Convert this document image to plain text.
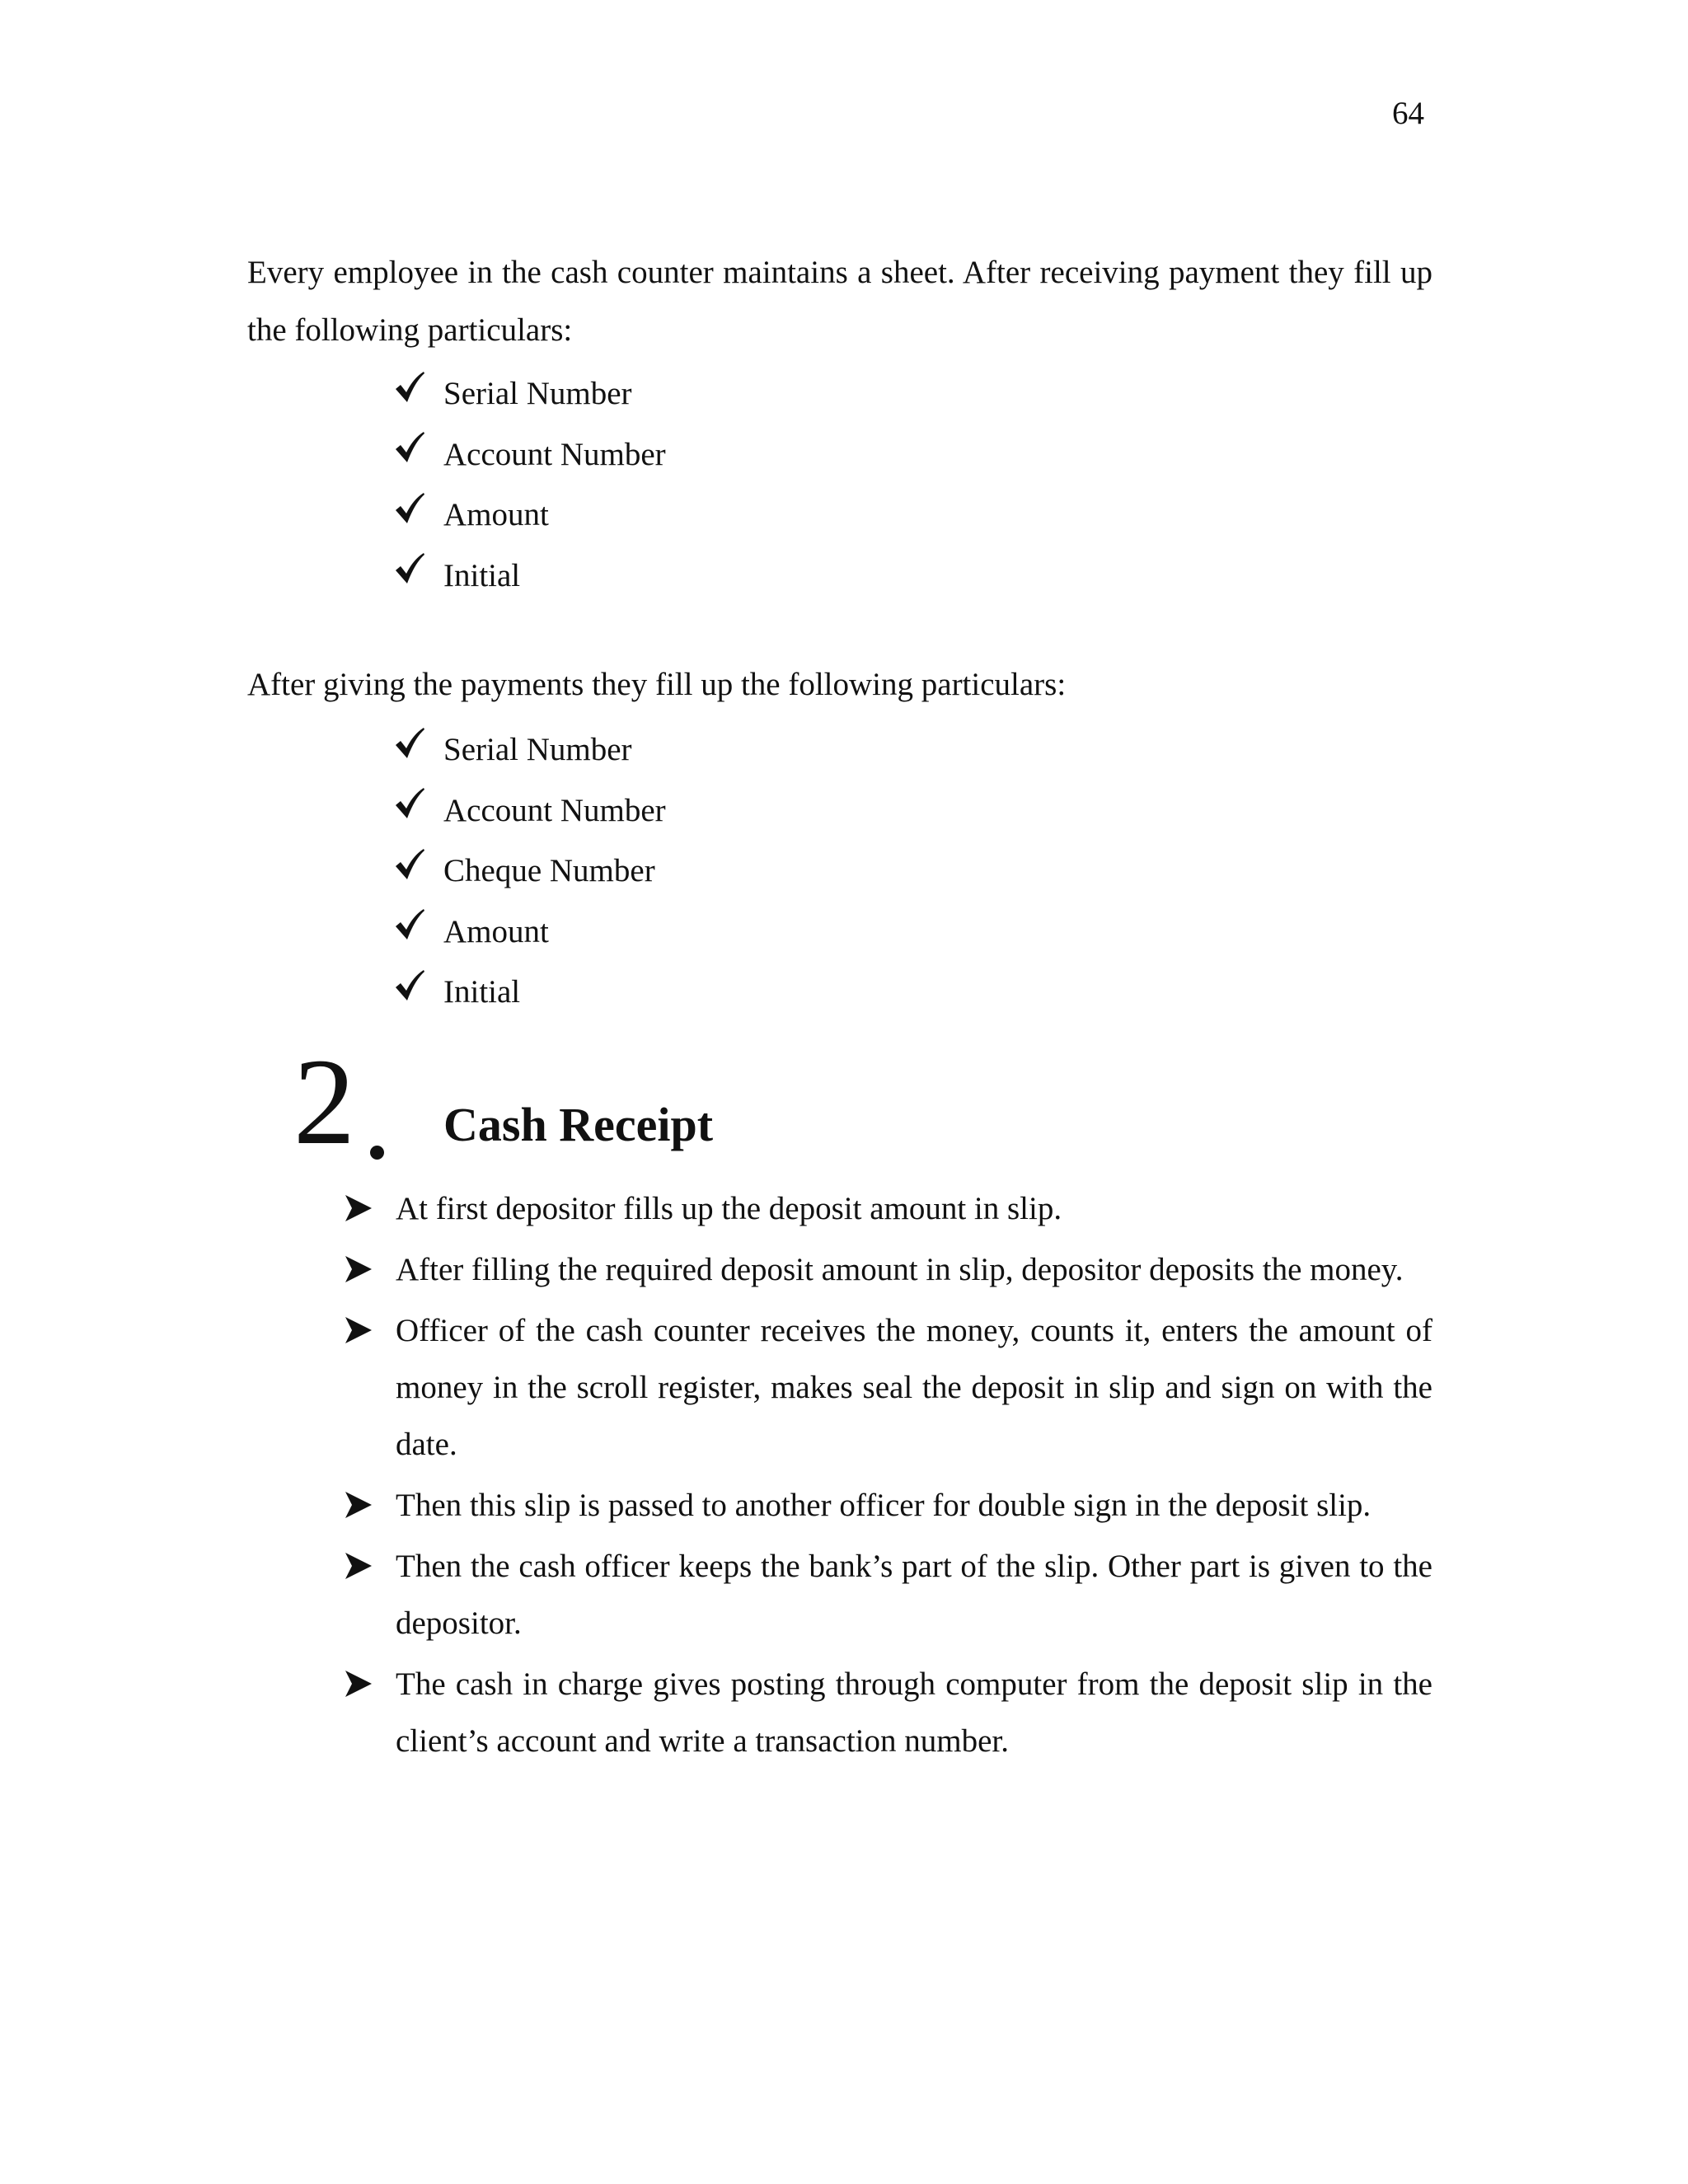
64

Every employee in the cash counter maintains a sheet. After receiving payment they fill up the following particulars:

Serial Number
Account Number
Amount
Initial

After giving the payments they fill up the following particulars:

Serial Number
Account Number
Cheque Number
Amount
Initial
2 Cash Receipt
At first depositor fills up the deposit amount in slip.
After filling the required deposit amount in slip, depositor deposits the money.
Officer of the cash counter receives the money, counts it, enters the amount of money in the scroll register, makes seal the deposit in slip and sign on with the date.
Then this slip is passed to another officer for double sign in the deposit slip.
Then the cash officer keeps the bank’s part of the slip. Other part is given to the depositor.
The cash in charge gives posting through computer from the deposit slip in the client’s account and write a transaction number.
